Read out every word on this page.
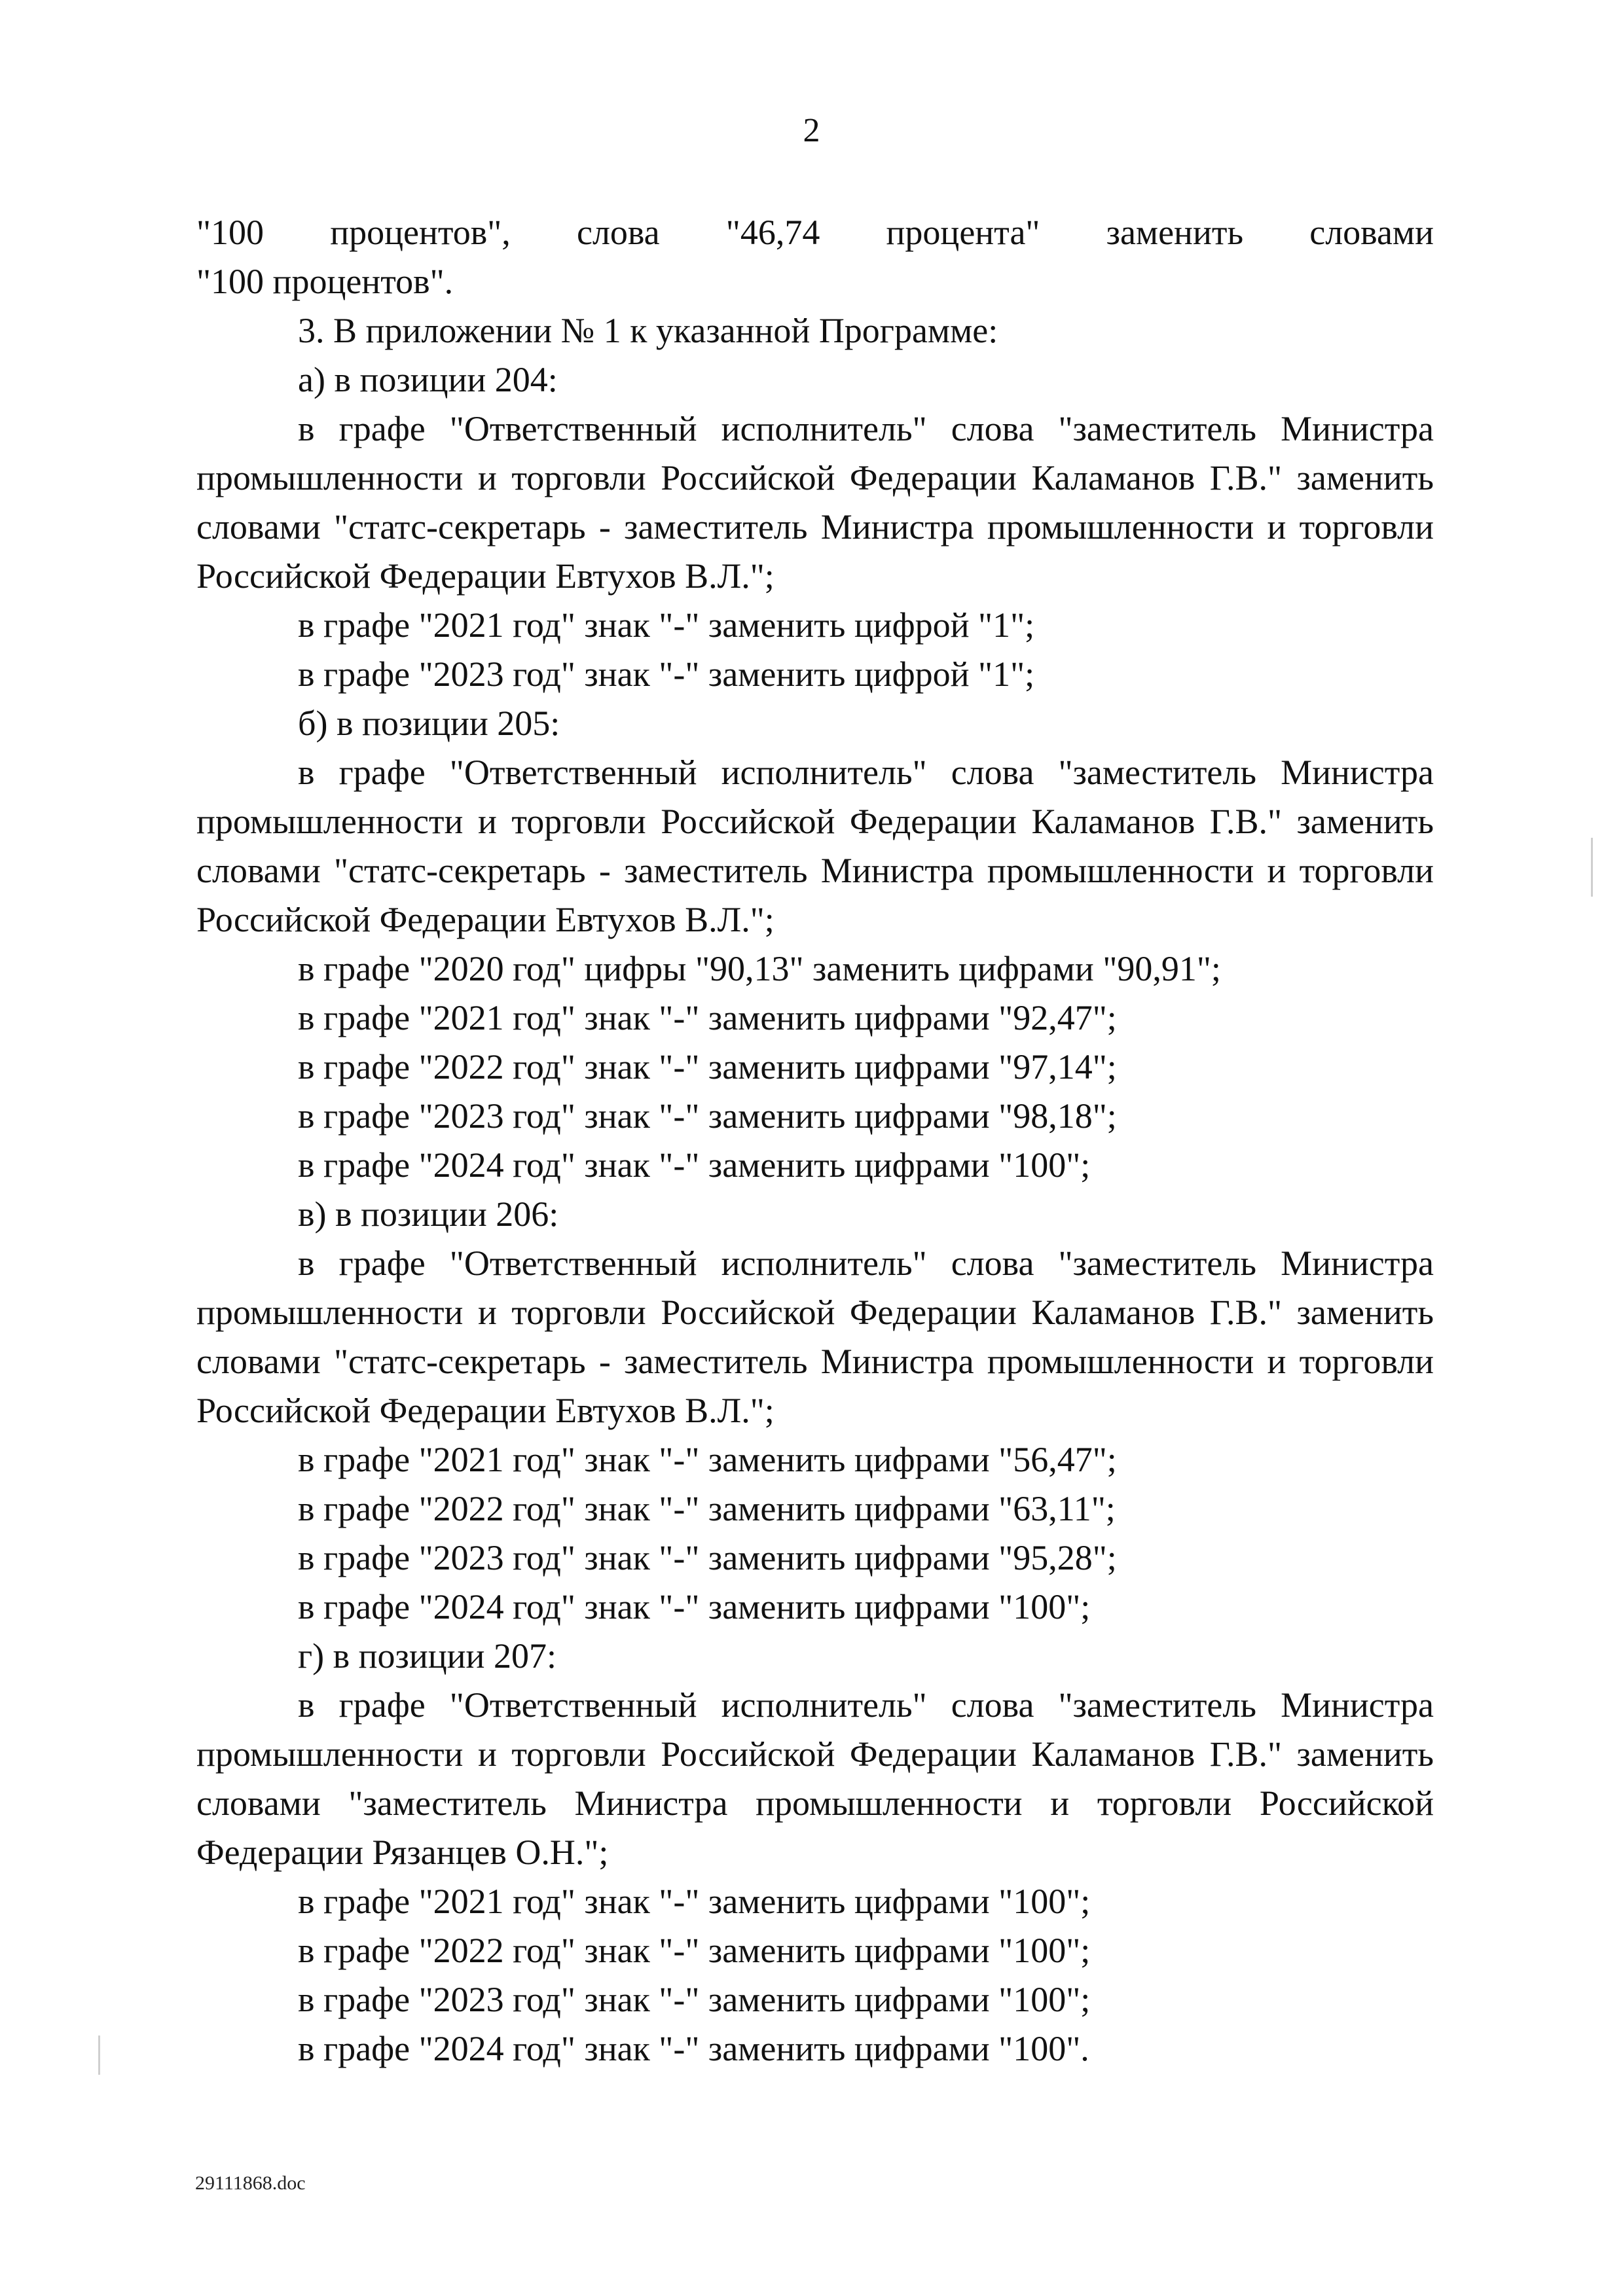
2

"100 процентов", слова "46,74 процента" заменить словами

"100 процентов".

3. В приложении № 1 к указанной Программе:

а) в позиции 204:

в графе "Ответственный исполнитель" слова "заместитель Министра промышленности и торговли Российской Федерации Каламанов Г.В." заменить словами "статс-секретарь - заместитель Министра промышленности и торговли Российской Федерации Евтухов В.Л.";

в графе "2021 год" знак "-" заменить цифрой "1";

в графе "2023 год" знак "-" заменить цифрой "1";

б) в позиции 205:

в графе "Ответственный исполнитель" слова "заместитель Министра промышленности и торговли Российской Федерации Каламанов Г.В." заменить словами "статс-секретарь - заместитель Министра промышленности и торговли Российской Федерации Евтухов В.Л.";

в графе "2020 год" цифры "90,13" заменить цифрами "90,91";

в графе "2021 год" знак "-" заменить цифрами "92,47";

в графе "2022 год" знак "-" заменить цифрами "97,14";

в графе "2023 год" знак "-" заменить цифрами "98,18";

в графе "2024 год" знак "-" заменить цифрами "100";

в) в позиции 206:

в графе "Ответственный исполнитель" слова "заместитель Министра промышленности и торговли Российской Федерации Каламанов Г.В." заменить словами "статс-секретарь - заместитель Министра промышленности и торговли Российской Федерации Евтухов В.Л.";

в графе "2021 год" знак "-" заменить цифрами "56,47";

в графе "2022 год" знак "-" заменить цифрами "63,11";

в графе "2023 год" знак "-" заменить цифрами "95,28";

в графе "2024 год" знак "-" заменить цифрами "100";

г) в позиции 207:

в графе "Ответственный исполнитель" слова "заместитель Министра промышленности и торговли Российской Федерации Каламанов Г.В." заменить словами "заместитель Министра промышленности и торговли Российской Федерации Рязанцев О.Н.";

в графе "2021 год" знак "-" заменить цифрами "100";

в графе "2022 год" знак "-" заменить цифрами "100";

в графе "2023 год" знак "-" заменить цифрами "100";

в графе "2024 год" знак "-" заменить цифрами "100".

29111868.doc
